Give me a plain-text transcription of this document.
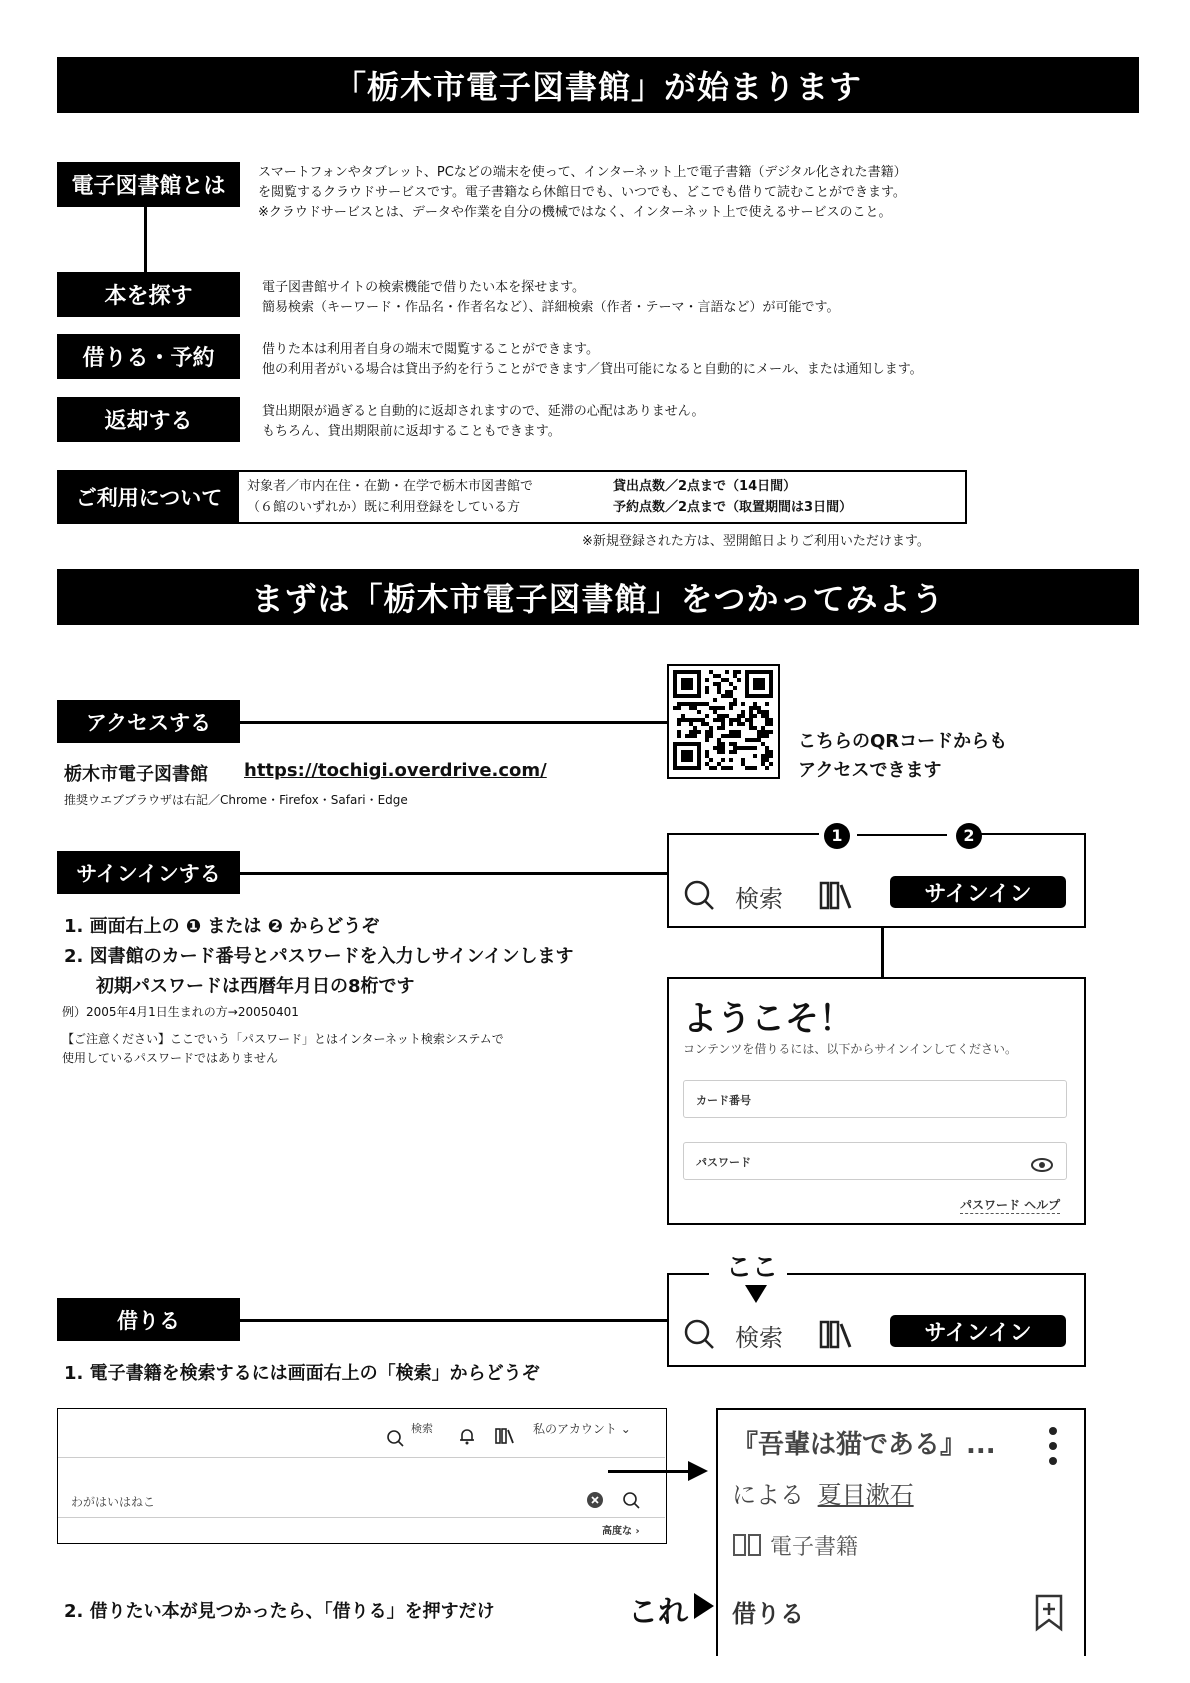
「栃木市電子図書館」が始まります
電子図書館とは
スマートフォンやタブレット、PCなどの端末を使って、インターネット上で電子書籍（デジタル化された書籍）
を閲覧するクラウドサービスです。電子書籍なら休館日でも、いつでも、どこでも借りて読むことができます。
※クラウドサービスとは、データや作業を自分の機械ではなく、インターネット上で使えるサービスのこと。
本を探す	電子図書館サイトの検索機能で借りたい本を探せます。
簡易検索（キーワード・作品名・作者名など）、詳細検索（作者・テーマ・言語など）が可能です。
借りる・予約	借りた本は利用者自身の端末で閲覧することができます。
他の利用者がいる場合は貸出予約を行うことができます／貸出可能になると自動的にメール、または通知します。
返却する	貸出期限が過ぎると自動的に返却されますので、延滞の心配はありません。
もちろん、貸出期限前に返却することもできます。
ご利用について	対象者／市内在住・在勤・在学で栃木市図書館で
（６館のいずれか）既に利用登録をしている方
貸出点数／2点まで（14日間）
予約点数／2点まで（取置期間は3日間）
※新規登録された方は、翌開館日よりご利用いただけます。
まずは「栃木市電子図書館」をつかってみよう
アクセスする
栃木市電子図書館 https://tochigi.overdrive.com/
推奨ウエブブラウザは右記／Chrome・Firefox・Safari・Edge
こちらのQRコードからも
アクセスできます
サインインする
1. 画面右上の ❶ または ❷ からどうぞ
2. 図書館のカード番号とパスワードを入力しサインインします
初期パスワードは西暦年月日の8桁です
例）2005年4月1日生まれの方→20050401
【ご注意ください】ここでいう「パスワード」とはインターネット検索システムで
使用しているパスワードではありません
1	2
検索	サインイン
ようこそ！
コンテンツを借りるには、以下からサインインしてください。
カード番号
パスワード
パスワード ヘルプ
借りる
1. 電子書籍を検索するには画面右上の「検索」からどうぞ
ここ
検索	サインイン
検索	私のアカウント ⌄
わがはいはねこ
高度な ›
『吾輩は猫である』...
による 夏目漱石
電子書籍
借りる
2. 借りたい本が見つかったら、「借りる」を押すだけ	これ
